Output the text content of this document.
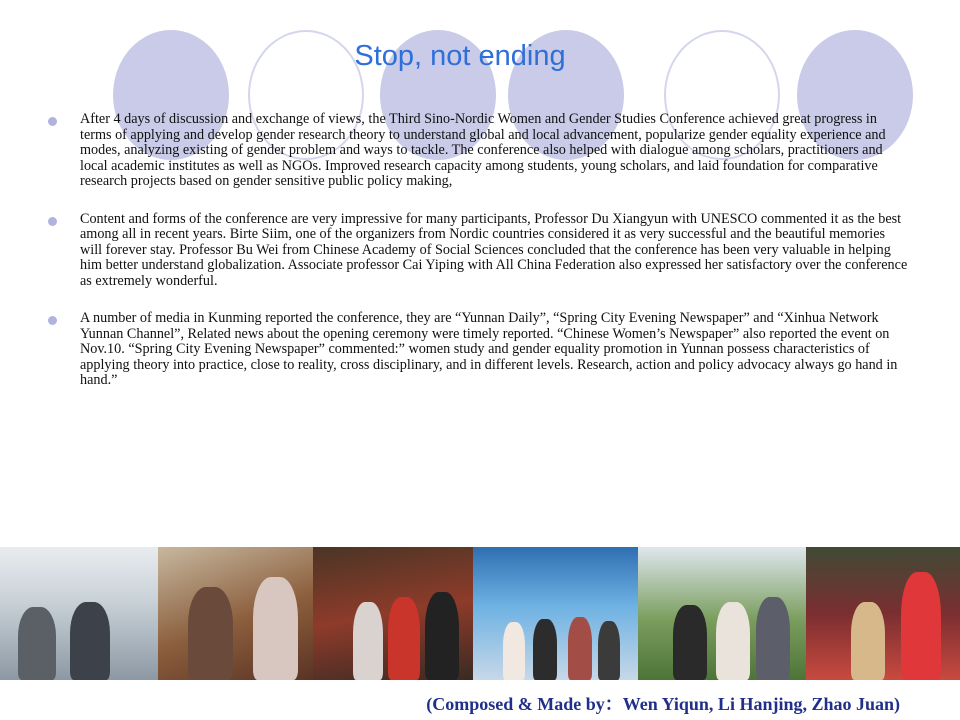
Stop, not ending

After 4 days of discussion and exchange of views, the Third Sino-Nordic Women and Gender Studies Conference achieved great progress in terms of applying and develop gender research theory to understand global and local advancement, popularize gender equality experience and modes, analyzing existing of gender problem and ways to tackle. The conference also helped with dialogue among scholars, practitioners and local academic institutes as well as NGOs. Improved research capacity among students, young scholars, and laid foundation for comparative research projects based on gender sensitive public policy making,

Content and forms of the conference are very impressive for many participants, Professor Du Xiangyun with UNESCO commented it as the best among all in recent years. Birte Siim, one of the organizers from Nordic countries considered it as very successful and the beautiful memories will forever stay. Professor Bu Wei from Chinese Academy of Social Sciences concluded that the conference has been very valuable in helping him better understand globalization. Associate professor Cai Yiping with All China Federation also expressed her satisfactory over the conference as extremely wonderful.

A number of media in Kunming reported the conference, they are “Yunnan Daily”, “Spring City Evening Newspaper” and “Xinhua Network Yunnan Channel”, Related news about the opening ceremony were timely reported. “Chinese Women’s Newspaper” also reported the event on Nov.10. “Spring City Evening Newspaper” commented:” women study and gender equality promotion in Yunnan possess characteristics of applying theory into practice, close to reality, cross disciplinary, and in different levels. Research, action and policy advocacy always go hand in hand.”

(Composed & Made by：Wen Yiqun, Li Hanjing, Zhao Juan)
